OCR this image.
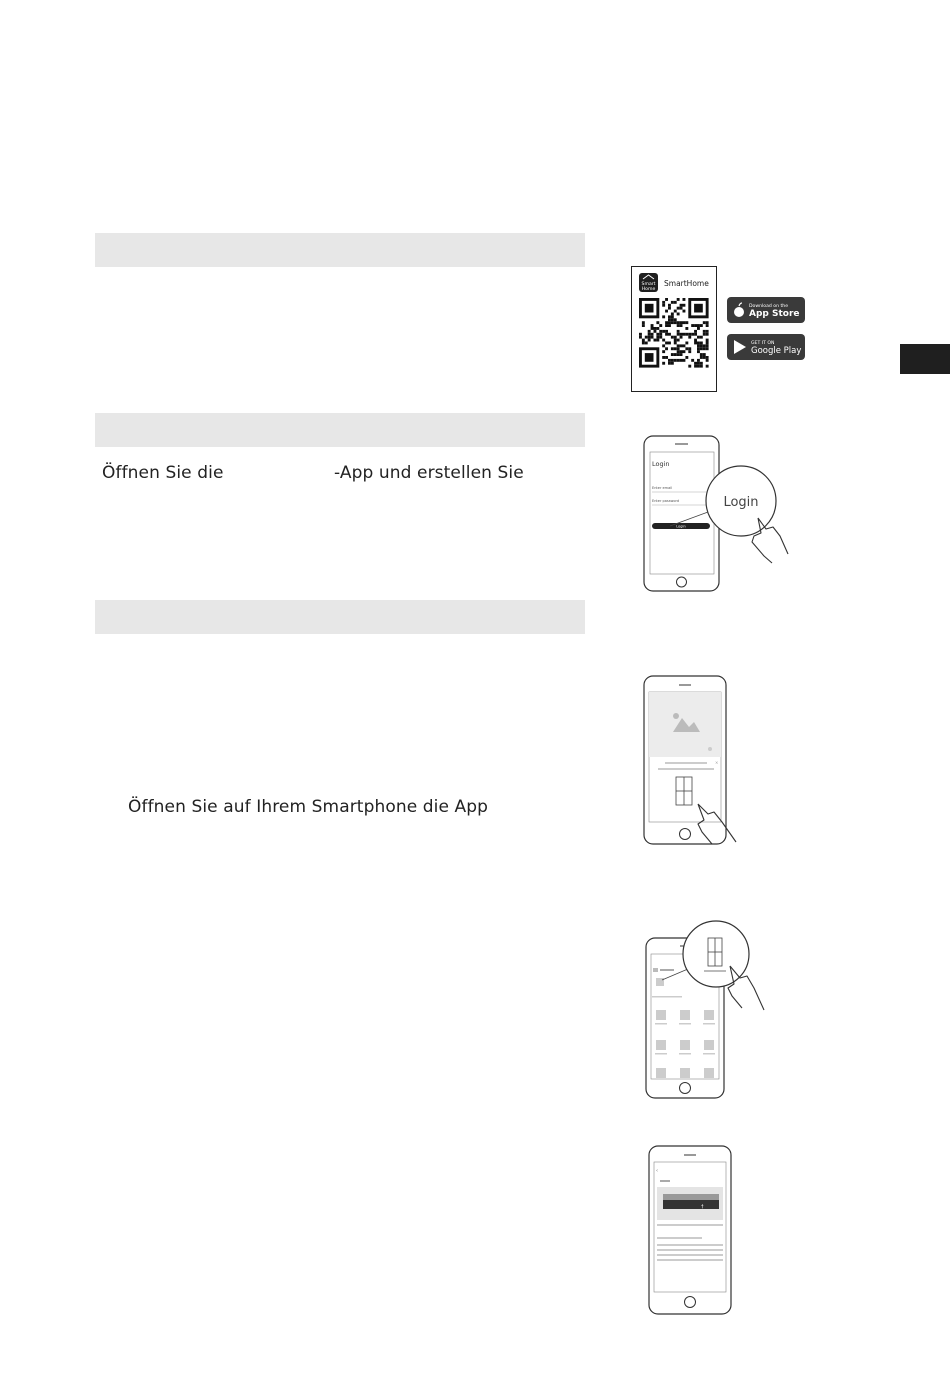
Öffnen Sie die	-App und erstellen Sie
Öffnen Sie auf Ihrem Smartphone die App
Smart
Home
SmartHome
Download on the
App Store
GET IT ON
Google Play
Login
Enter email
Enter password
Login
Login
×
‹
†
